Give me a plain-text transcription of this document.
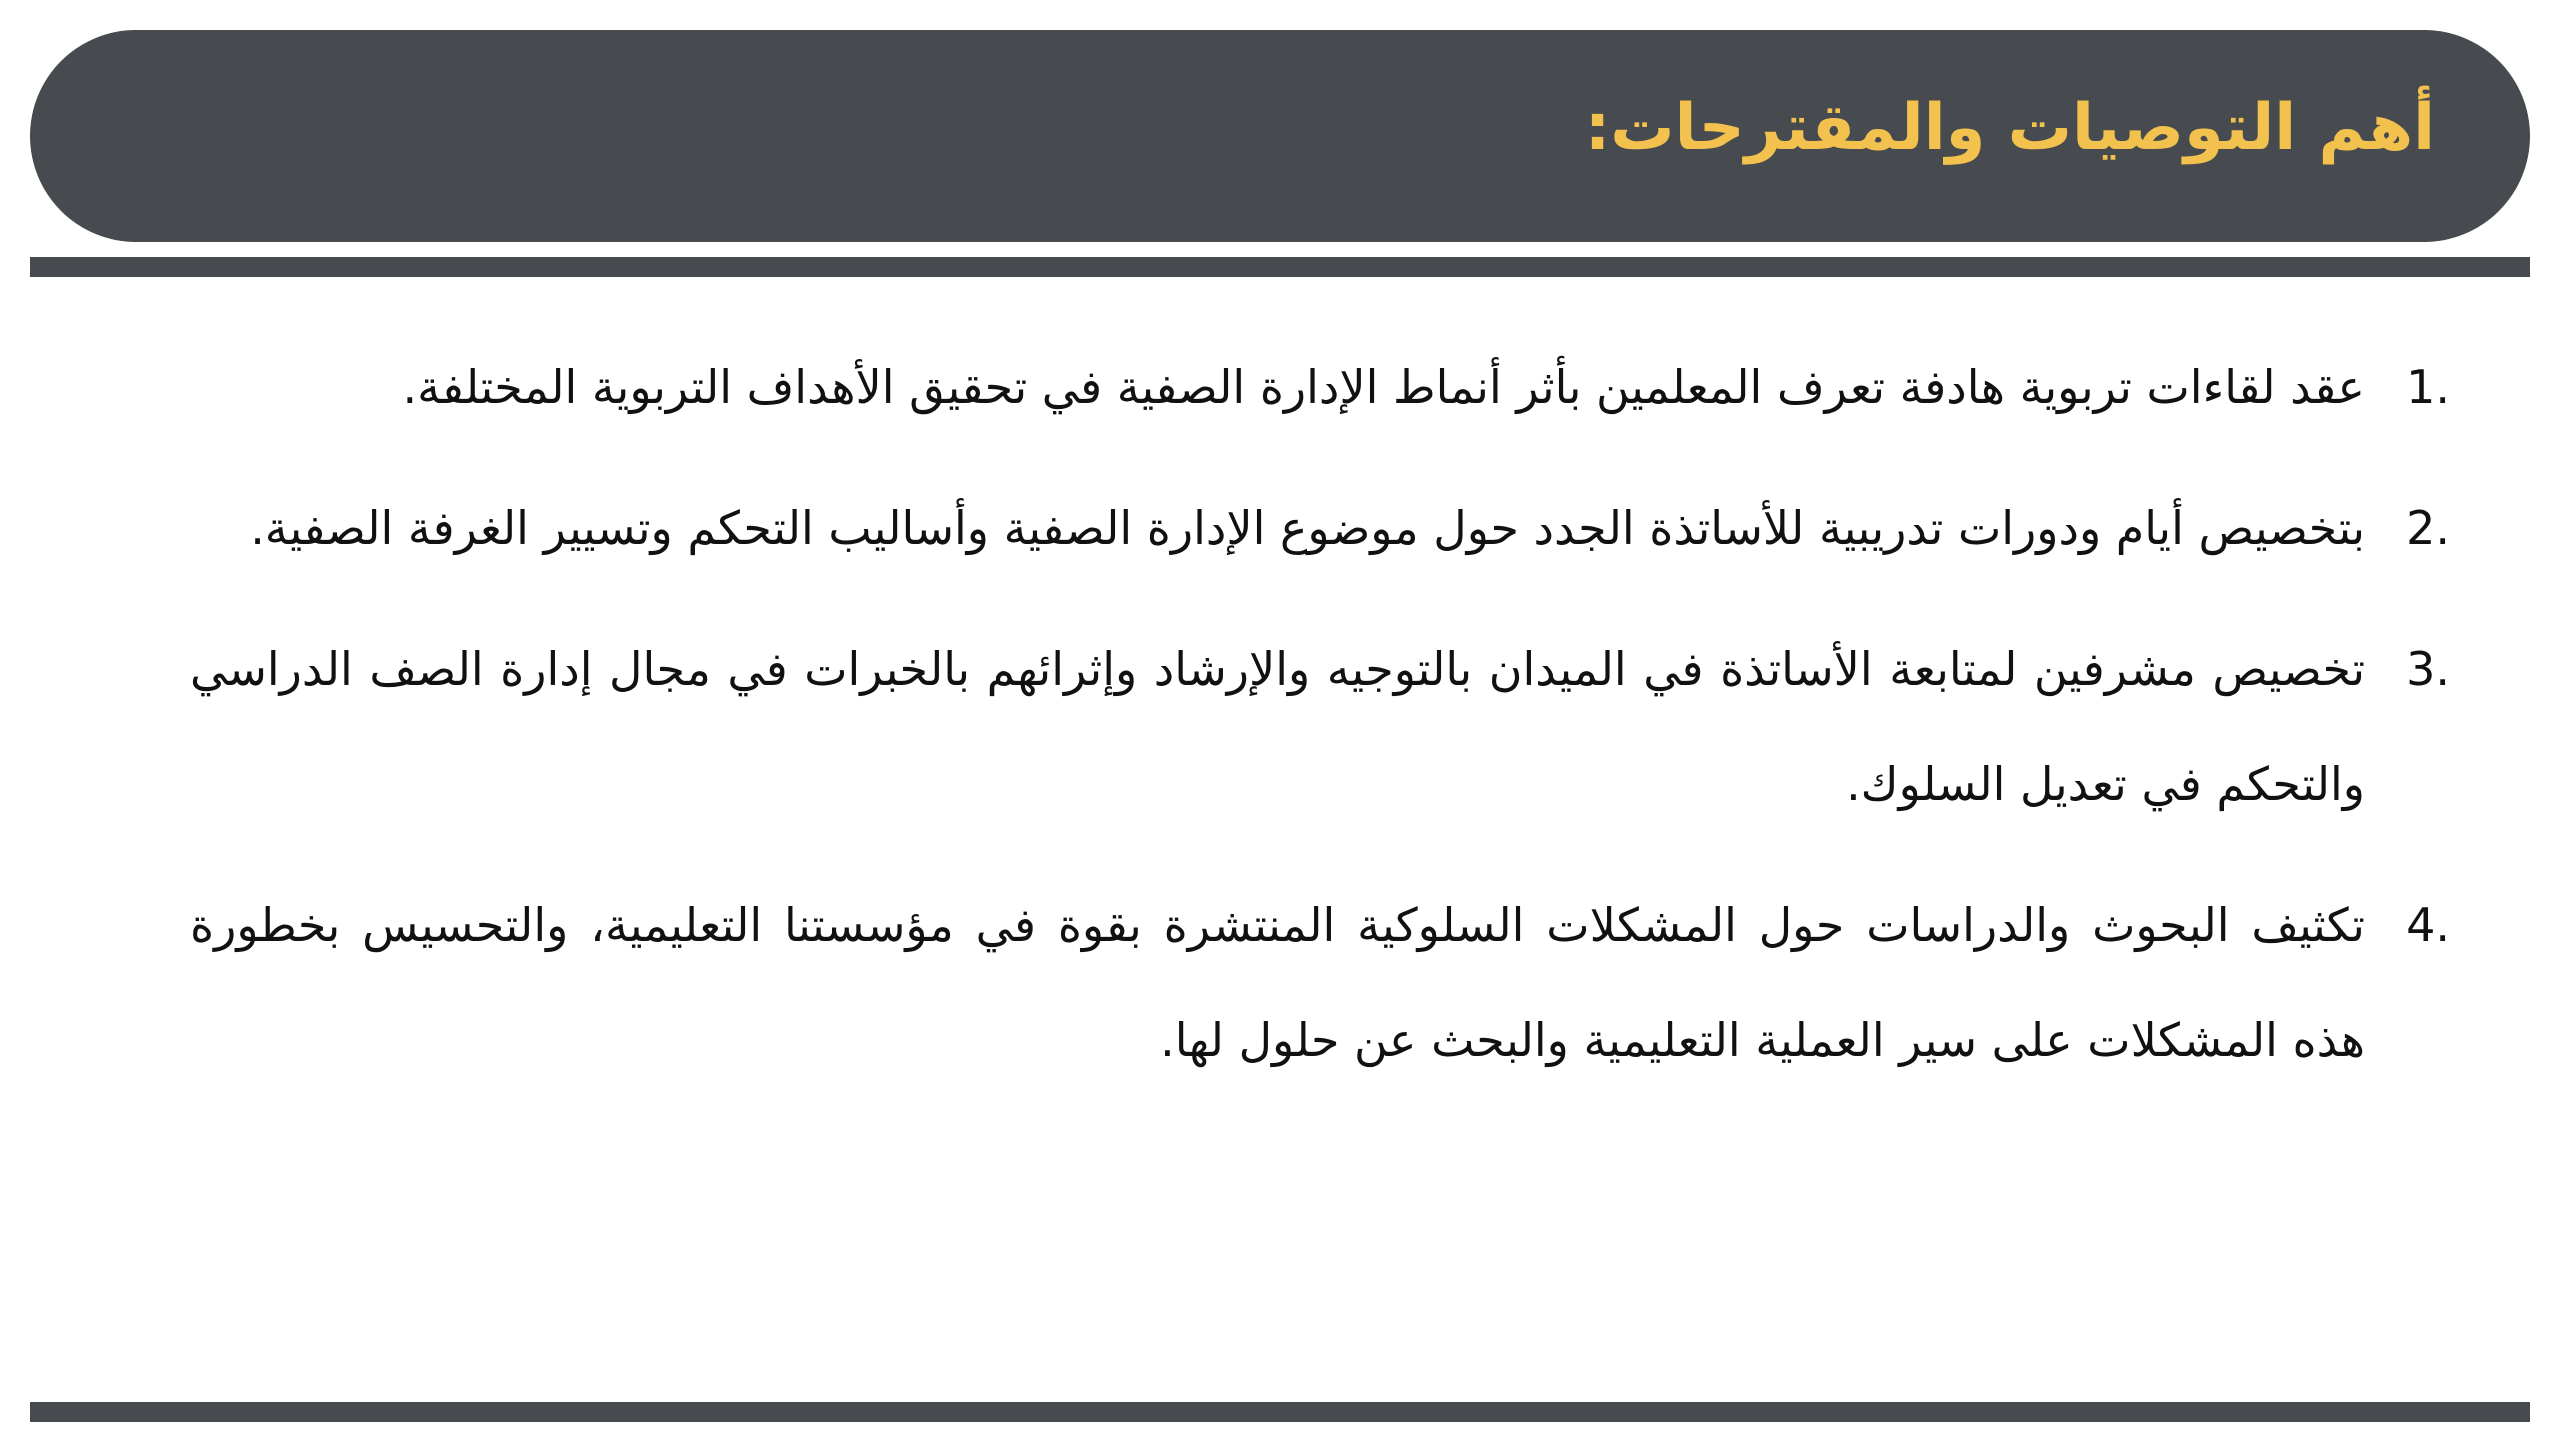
أهم التوصيات والمقترحات:
1.
عقد لقاءات تربوية هادفة تعرف المعلمين بأثر أنماط الإدارة الصفية في تحقيق الأهداف التربوية المختلفة.
2.
بتخصيص أيام ودورات تدريبية للأساتذة الجدد حول موضوع الإدارة الصفية وأساليب التحكم وتسيير الغرفة الصفية.
3.
تخصيص مشرفين لمتابعة الأساتذة في الميدان بالتوجيه والإرشاد وإثرائهم بالخبرات في مجال إدارة الصف الدراسي والتحكم في تعديل السلوك.
4.
تكثيف البحوث والدراسات حول المشكلات السلوكية المنتشرة بقوة في مؤسستنا التعليمية، والتحسيس بخطورة هذه المشكلات على سير العملية التعليمية والبحث عن حلول لها.
